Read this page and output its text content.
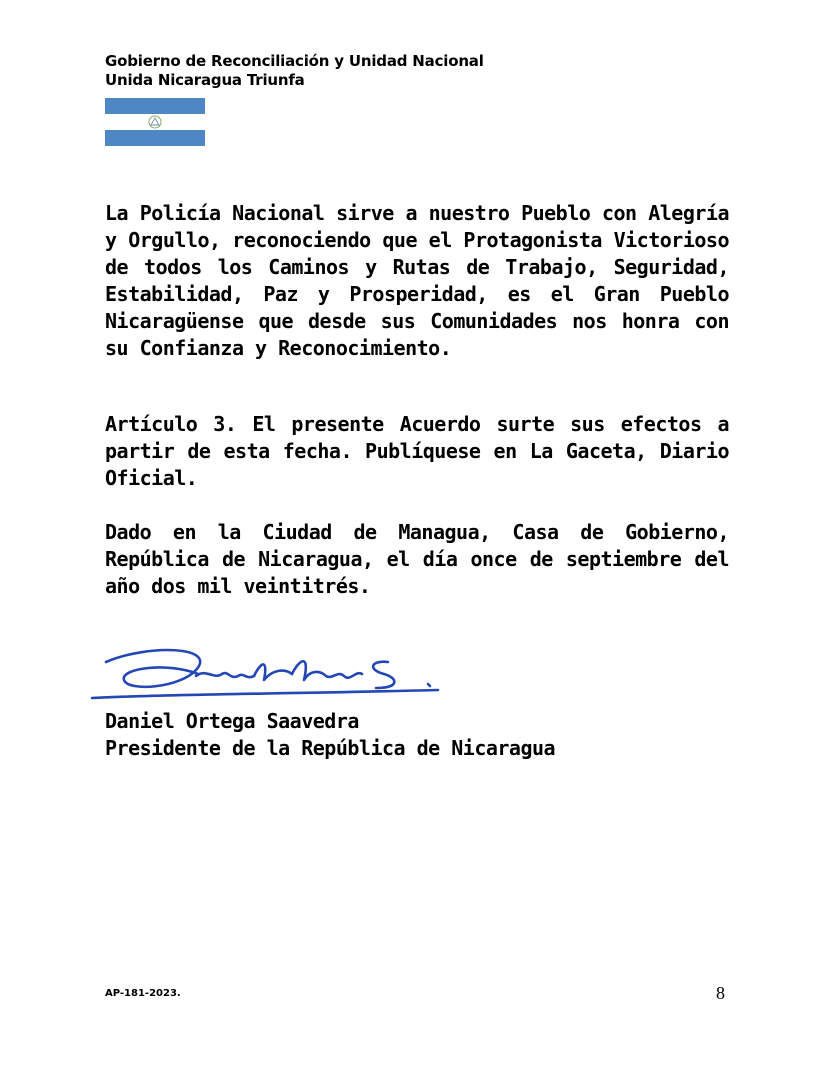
Gobierno de Reconciliación y Unidad Nacional
Unida Nicaragua Triunfa
La Policía Nacional sirve a nuestro Pueblo con Alegría y Orgullo, reconociendo que el Protagonista Victorioso de todos los Caminos y Rutas de Trabajo, Seguridad, Estabilidad, Paz y Prosperidad, es el Gran Pueblo Nicaragüense que desde sus Comunidades nos honra con su Confianza y Reconocimiento.
Artículo 3. El presente Acuerdo surte sus efectos a partir de esta fecha. Publíquese en La Gaceta, Diario Oficial.
Dado en la Ciudad de Managua, Casa de Gobierno, República de Nicaragua, el día once de septiembre del año dos mil veintitrés.
Daniel Ortega Saavedra
Presidente de la República de Nicaragua
AP-181-2023.	8
